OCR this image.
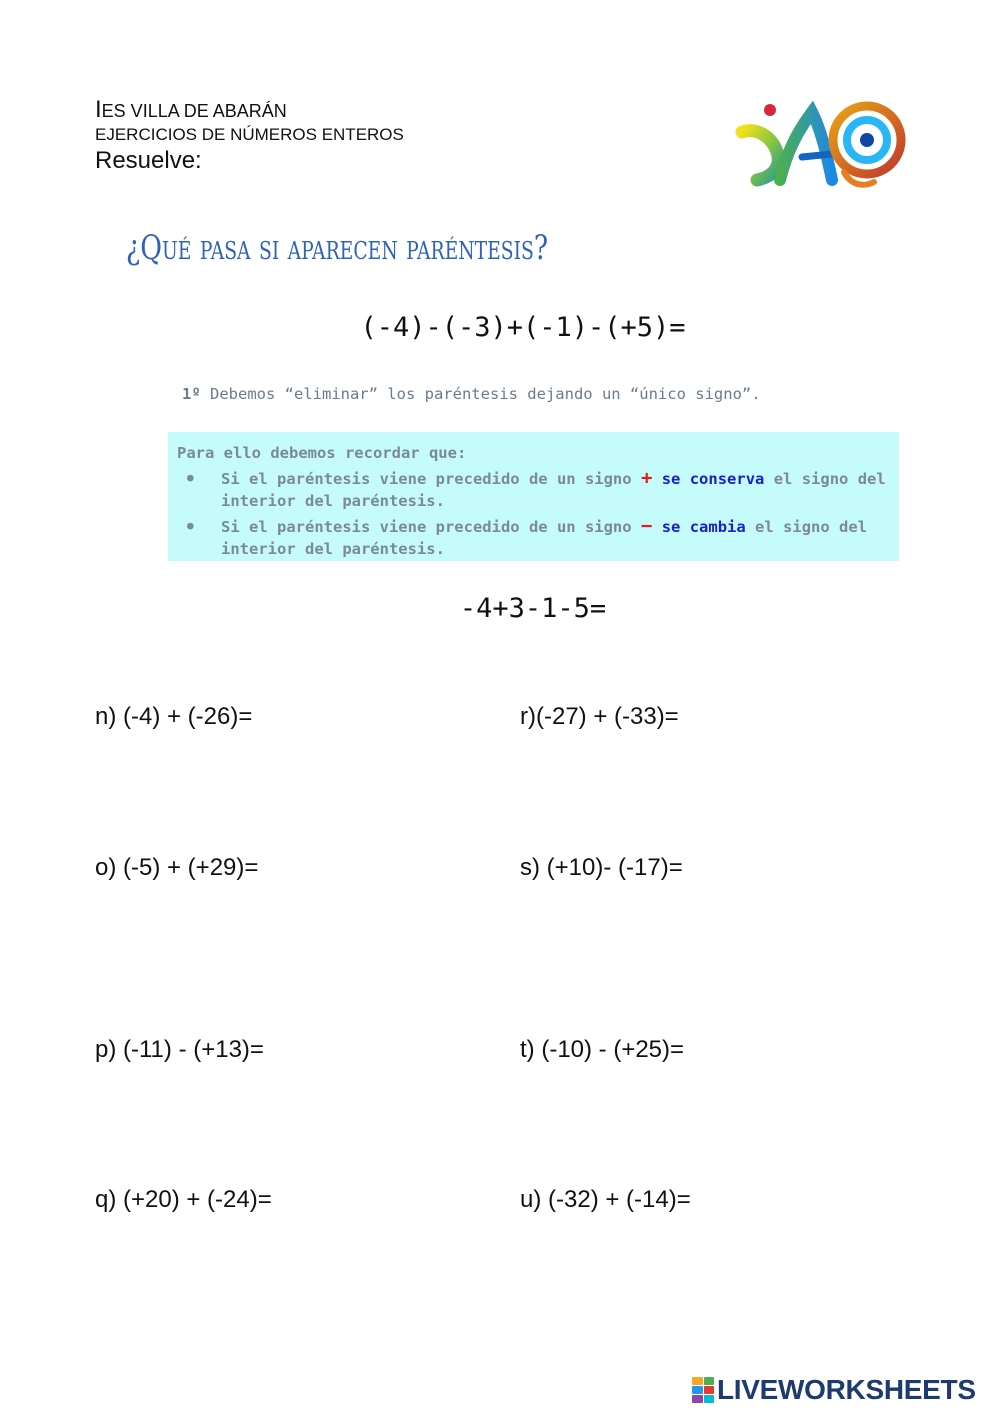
IES VILLA DE ABARÁN
EJERCICIOS DE NÚMEROS ENTEROS
Resuelve:
¿Qué pasa si aparecen paréntesis?
(-4)-(-3)+(-1)-(+5)=
1º Debemos “eliminar” los paréntesis dejando un “único signo”.
Para ello debemos recordar que:
● Si el paréntesis viene precedido de un signo + se conserva el signo del interior del paréntesis.
● Si el paréntesis viene precedido de un signo − se cambia el signo del interior del paréntesis.
-4+3-1-5=
n) (-4) + (-26)=	r)(-27) + (-33)=
o) (-5) + (+29)=	s) (+10)- (-17)=
p) (-11) - (+13)=	t) (-10) - (+25)=
q) (+20) + (-24)=	u) (-32) + (-14)=
LIVEWORKSHEETS
